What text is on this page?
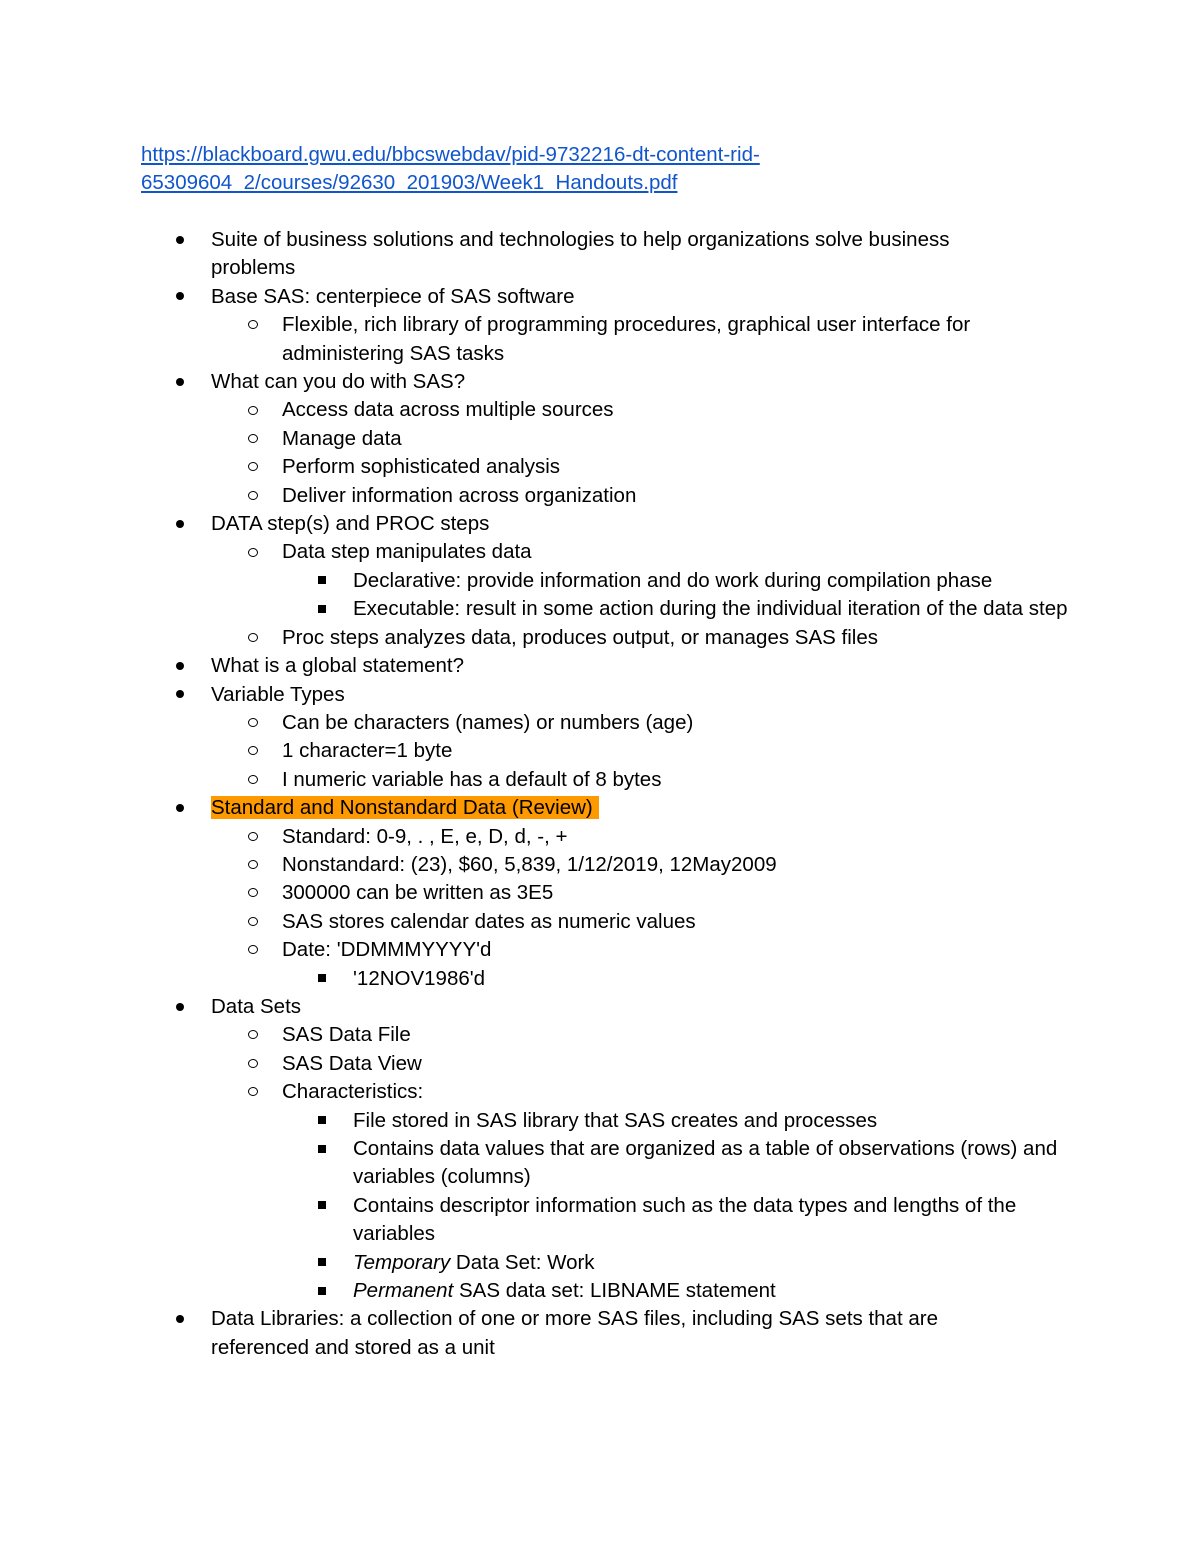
https://blackboard.gwu.edu/bbcswebdav/pid-9732216-dt-content-rid-
65309604_2/courses/92630_201903/Week1_Handouts.pdf
Suite of business solutions and technologies to help organizations solve business problems
Base SAS: centerpiece of SAS software
Flexible, rich library of programming procedures, graphical user interface for administering SAS tasks
What can you do with SAS?
Access data across multiple sources
Manage data
Perform sophisticated analysis
Deliver information across organization
DATA step(s) and PROC steps
Data step manipulates data
Declarative: provide information and do work during compilation phase
Executable: result in some action during the individual iteration of the data step
Proc steps analyzes data, produces output, or manages SAS files
What is a global statement?
Variable Types
Can be characters (names) or numbers (age)
1 character=1 byte
I numeric variable has a default of 8 bytes
Standard and Nonstandard Data (Review)
Standard: 0-9, . , E, e, D, d, -, +
Nonstandard: (23), $60, 5,839, 1/12/2019, 12May2009
300000 can be written as 3E5
SAS stores calendar dates as numeric values
Date: 'DDMMMYYYY'd
'12NOV1986'd
Data Sets
SAS Data File
SAS Data View
Characteristics:
File stored in SAS library that SAS creates and processes
Contains data values that are organized as a table of observations (rows) and variables (columns)
Contains descriptor information such as the data types and lengths of the variables
Temporary Data Set: Work
Permanent SAS data set: LIBNAME statement
Data Libraries: a collection of one or more SAS files, including SAS sets that are referenced and stored as a unit
